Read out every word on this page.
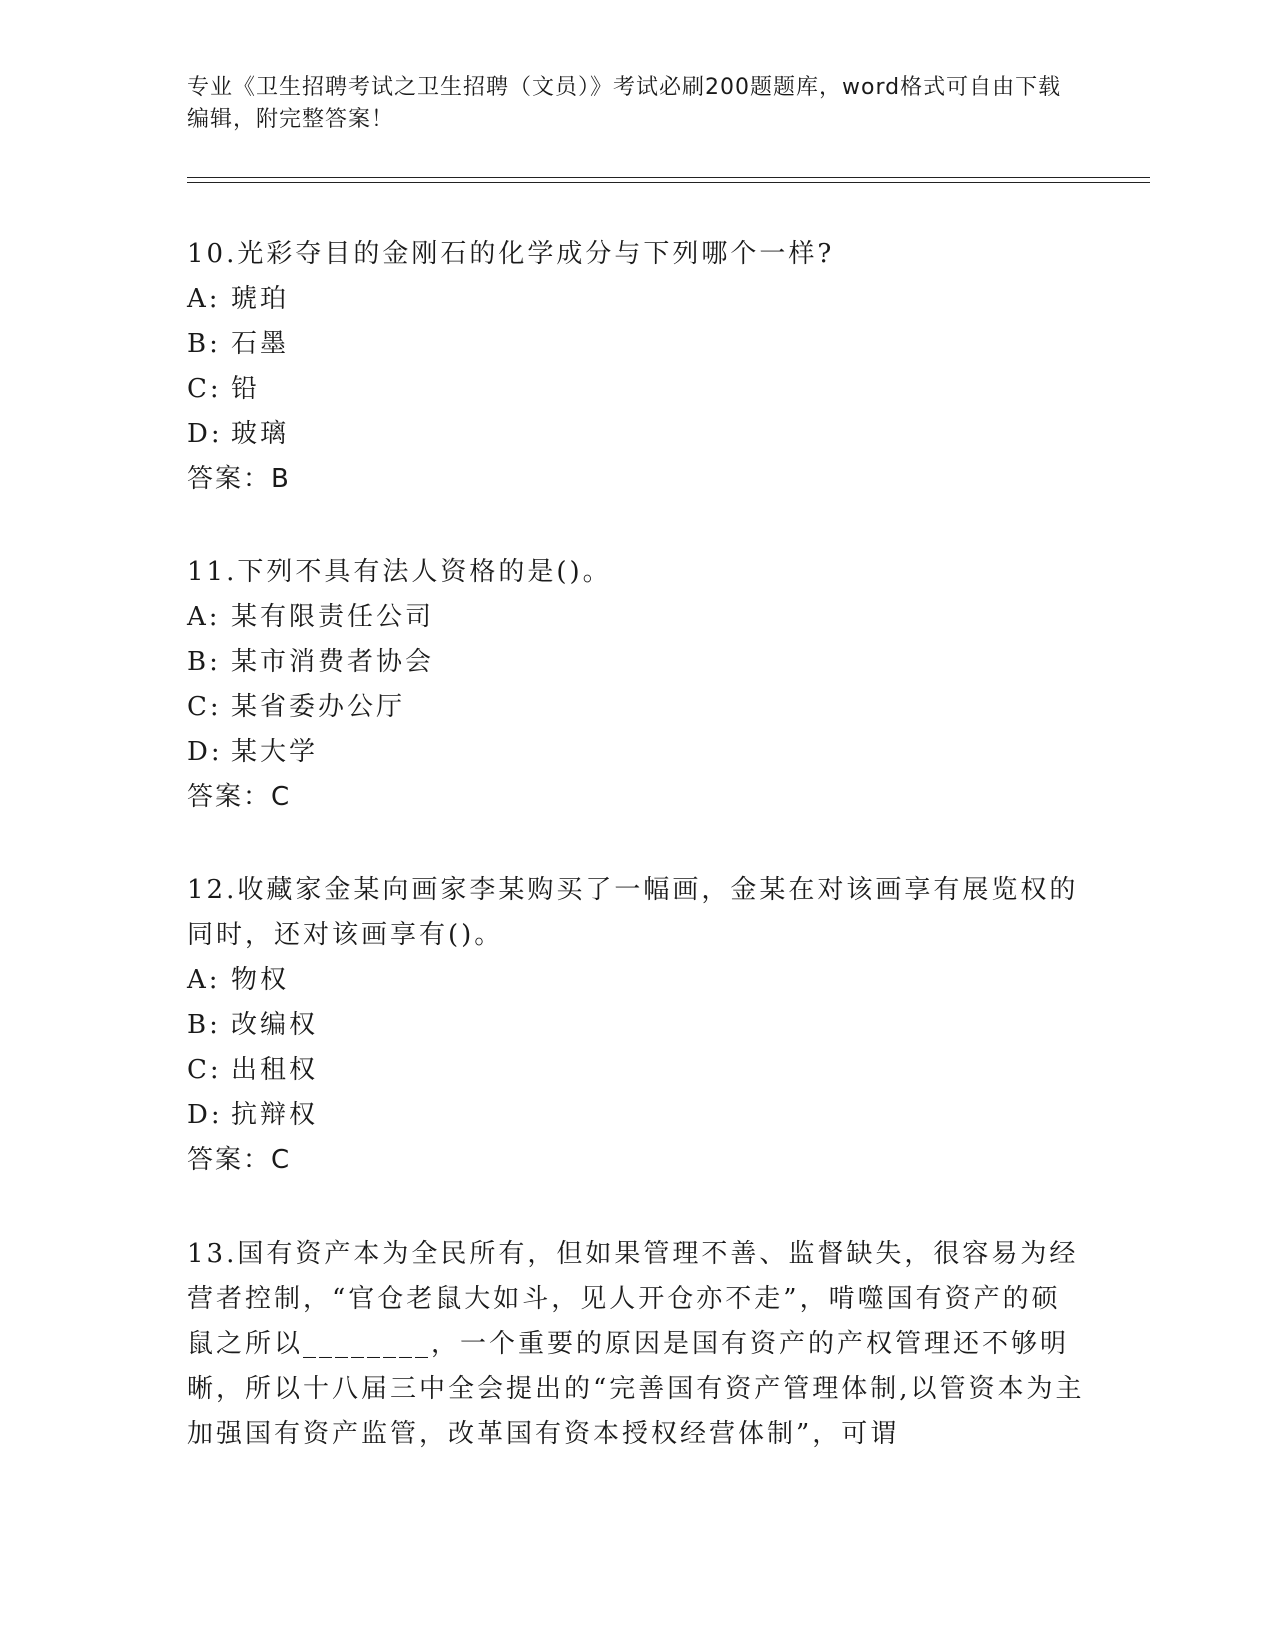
专业《卫生招聘考试之卫生招聘（文员）》考试必刷200题题库，word格式可自由下载编辑，附完整答案！
10.光彩夺目的金刚石的化学成分与下列哪个一样?
A: 琥珀
B: 石墨
C: 铅
D: 玻璃
答案：B
11.下列不具有法人资格的是()。
A: 某有限责任公司
B: 某市消费者协会
C: 某省委办公厅
D: 某大学
答案：C
12.收藏家金某向画家李某购买了一幅画，金某在对该画享有展览权的同时，还对该画享有()。
A: 物权
B: 改编权
C: 出租权
D: 抗辩权
答案：C
13.国有资产本为全民所有，但如果管理不善、监督缺失，很容易为经营者控制，“官仓老鼠大如斗，见人开仓亦不走”，啃噬国有资产的硕鼠之所以________，一个重要的原因是国有资产的产权管理还不够明晰，所以十八届三中全会提出的“完善国有资产管理体制,以管资本为主加强国有资产监管，改革国有资本授权经营体制”，可谓
